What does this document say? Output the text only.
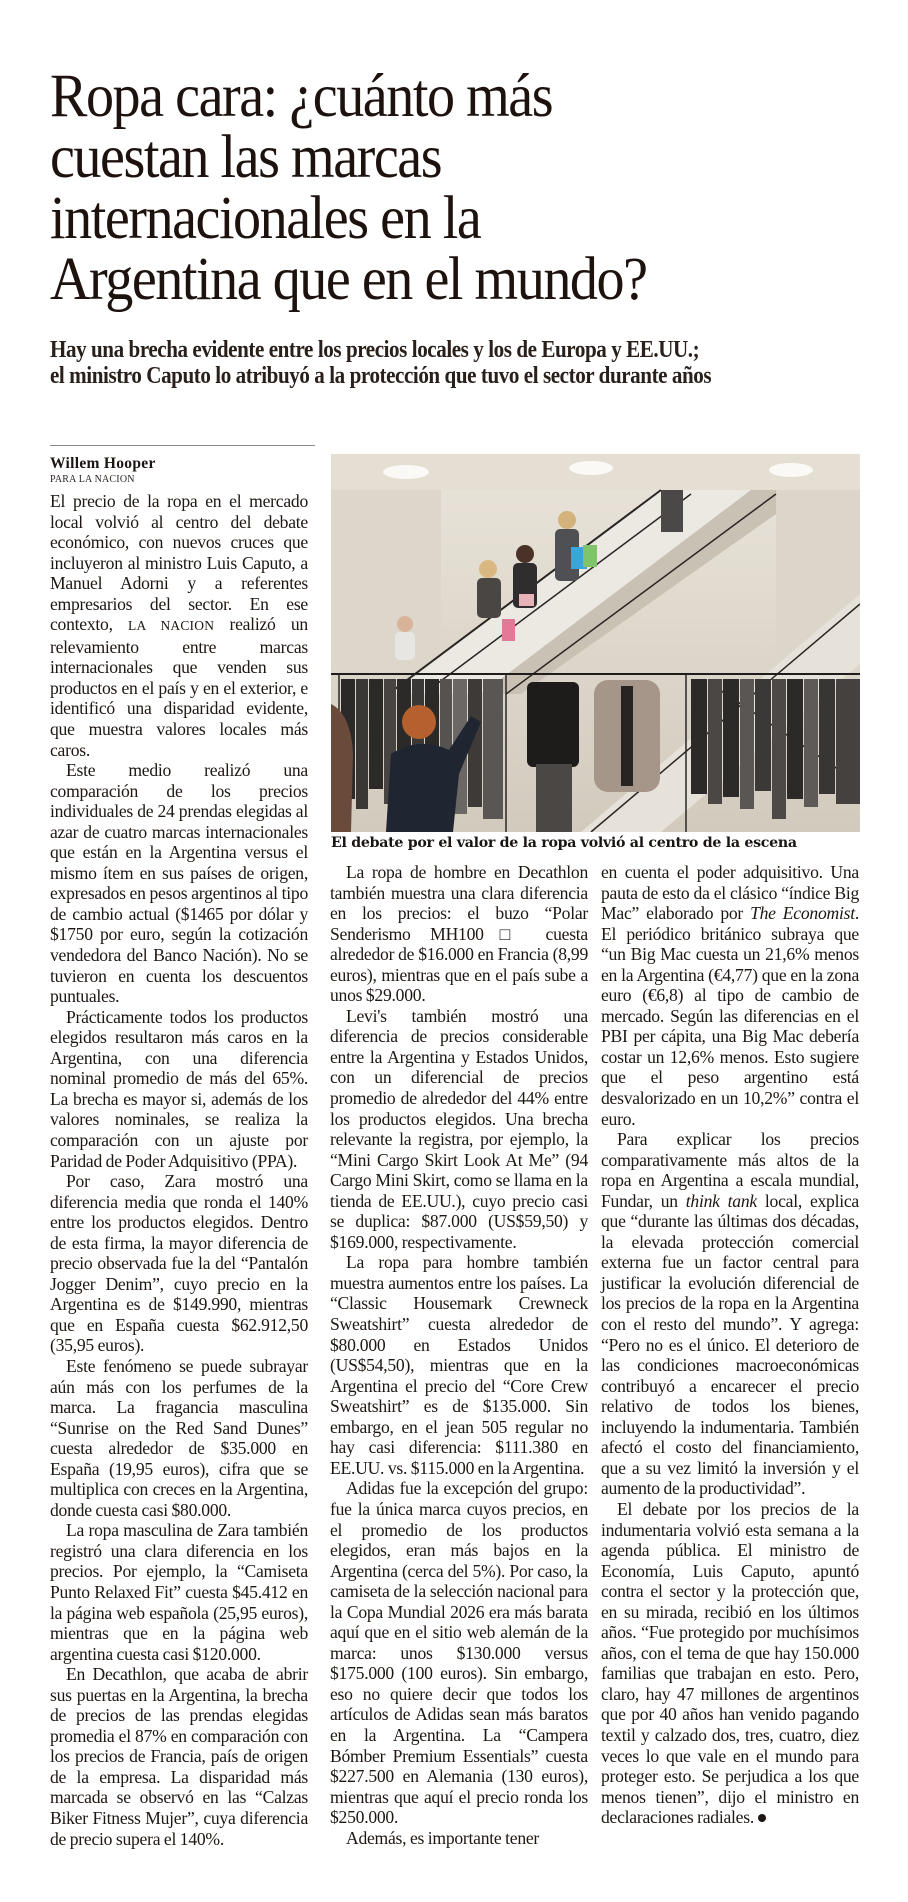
Ropa cara: ¿cuánto más
cuestan las marcas
internacionales en la
Argentina que en el mundo?
Hay una brecha evidente entre los precios locales y los de Europa y EE.UU.;
el ministro Caputo lo atribuyó a la protección que tuvo el sector durante años
Willem Hooper
PARA LA NACION

El precio de la ropa en el mercado local volvió al centro del debate económico, con nuevos cruces que incluyeron al ministro Luis Caputo, a Manuel Adorni y a referentes empresarios del sector. En ese contexto, LA NACION realizó un relevamiento entre marcas internacionales que venden sus productos en el país y en el exterior, e identificó una disparidad evidente, que muestra valores locales más caros.

Este medio realizó una comparación de los precios individuales de 24 prendas elegidas al azar de cuatro marcas internacionales que están en la Argentina versus el mismo ítem en sus países de origen, expresados en pesos argentinos al tipo de cambio actual ($1465 por dólar y $1750 por euro, según la cotización vendedora del Banco Nación). No se tuvieron en cuenta los descuentos puntuales.

Prácticamente todos los productos elegidos resultaron más caros en la Argentina, con una diferencia nominal promedio de más del 65%. La brecha es mayor si, además de los valores nominales, se realiza la comparación con un ajuste por Paridad de Poder Adquisitivo (PPA).

Por caso, Zara mostró una diferencia media que ronda el 140% entre los productos elegidos. Dentro de esta firma, la mayor diferencia de precio observada fue la del “Pantalón Jogger Denim”, cuyo precio en la Argentina es de $149.990, mientras que en España cuesta $62.912,50 (35,95 euros).

Este fenómeno se puede subrayar aún más con los perfumes de la marca. La fragancia masculina “Sunrise on the Red Sand Dunes” cuesta alrededor de $35.000 en España (19,95 euros), cifra que se multiplica con creces en la Argentina, donde cuesta casi $80.000.

La ropa masculina de Zara también registró una clara diferencia en los precios. Por ejemplo, la “Camiseta Punto Relaxed Fit” cuesta $45.412 en la página web española (25,95 euros), mientras que en la página web argentina cuesta casi $120.000.

En Decathlon, que acaba de abrir sus puertas en la Argentina, la brecha de precios de las prendas elegidas promedia el 87% en comparación con los precios de Francia, país de origen de la empresa. La disparidad más marcada se observó en las “Calzas Biker Fitness Mujer”, cuya diferencia de precio supera el 140%.

El debate por el valor de la ropa volvió al centro de la escena

La ropa de hombre en Decathlon también muestra una clara diferencia en los precios: el buzo “Polar Senderismo MH100□ cuesta alrededor de $16.000 en Francia (8,99 euros), mientras que en el país sube a unos $29.000.

Levi's también mostró una diferencia de precios considerable entre la Argentina y Estados Unidos, con un diferencial de precios promedio de alrededor del 44% entre los productos elegidos. Una brecha relevante la registra, por ejemplo, la “Mini Cargo Skirt Look At Me” (94 Cargo Mini Skirt, como se llama en la tienda de EE.UU.), cuyo precio casi se duplica: $87.000 (US$59,50) y $169.000, respectivamente.

La ropa para hombre también muestra aumentos entre los países. La “Classic Housemark Crewneck Sweatshirt” cuesta alrededor de $80.000 en Estados Unidos (US$54,50), mientras que en la Argentina el precio del “Core Crew Sweatshirt” es de $135.000. Sin embargo, en el jean 505 regular no hay casi diferencia: $111.380 en EE.UU. vs. $115.000 en la Argentina.

Adidas fue la excepción del grupo: fue la única marca cuyos precios, en el promedio de los productos elegidos, eran más bajos en la Argentina (cerca del 5%). Por caso, la camiseta de la selección nacional para la Copa Mundial 2026 era más barata aquí que en el sitio web alemán de la marca: unos $130.000 versus $175.000 (100 euros). Sin embargo, eso no quiere decir que todos los artículos de Adidas sean más baratos en la Argentina. La “Campera Bómber Premium Essentials” cuesta $227.500 en Alemania (130 euros), mientras que aquí el precio ronda los $250.000.

Además, es importante tener

en cuenta el poder adquisitivo. Una pauta de esto da el clásico “índice Big Mac” elaborado por The Economist. El periódico británico subraya que “un Big Mac cuesta un 21,6% menos en la Argentina (€4,77) que en la zona euro (€6,8) al tipo de cambio de mercado. Según las diferencias en el PBI per cápita, una Big Mac debería costar un 12,6% menos. Esto sugiere que el peso argentino está desvalorizado en un 10,2%” contra el euro.

Para explicar los precios comparativamente más altos de la ropa en Argentina a escala mundial, Fundar, un think tank local, explica que “durante las últimas dos décadas, la elevada protección comercial externa fue un factor central para justificar la evolución diferencial de los precios de la ropa en la Argentina con el resto del mundo”. Y agrega: “Pero no es el único. El deterioro de las condiciones macroeconómicas contribuyó a encarecer el precio relativo de todos los bienes, incluyendo la indumentaria. También afectó el costo del financiamiento, que a su vez limitó la inversión y el aumento de la productividad”.

El debate por los precios de la indumentaria volvió esta semana a la agenda pública. El ministro de Economía, Luis Caputo, apuntó contra el sector y la protección que, en su mirada, recibió en los últimos años. “Fue protegido por muchísimos años, con el tema de que hay 150.000 familias que trabajan en esto. Pero, claro, hay 47 millones de argentinos que por 40 años han venido pagando textil y calzado dos, tres, cuatro, diez veces lo que vale en el mundo para proteger esto. Se perjudica a los que menos tienen”, dijo el ministro en declaraciones radiales.
